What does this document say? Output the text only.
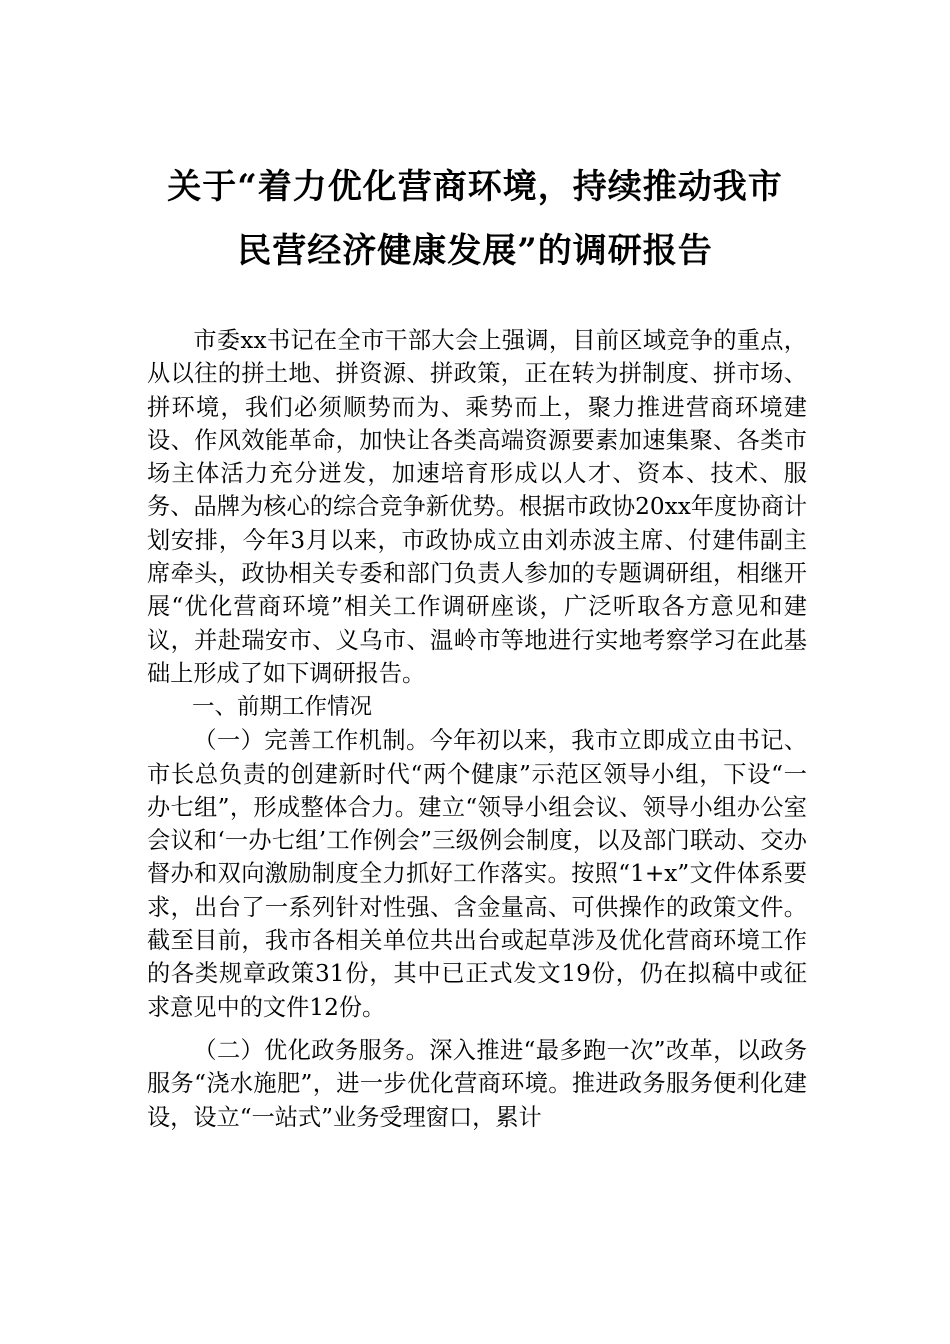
关于“着力优化营商环境，持续推动我市
民营经济健康发展”的调研报告

市委xx书记在全市干部大会上强调，目前区域竞争的重点，从以往的拼土地、拼资源、拼政策，正在转为拼制度、拼市场、拼环境，我们必须顺势而为、乘势而上，聚力推进营商环境建设、作风效能革命，加快让各类高端资源要素加速集聚、各类市场主体活力充分迸发，加速培育形成以人才、资本、技术、服务、品牌为核心的综合竞争新优势。根据市政协20xx年度协商计划安排，今年3月以来，市政协成立由刘赤波主席、付建伟副主席牵头，政协相关专委和部门负责人参加的专题调研组，相继开展“优化营商环境”相关工作调研座谈，广泛听取各方意见和建议，并赴瑞安市、义乌市、温岭市等地进行实地考察学习在此基础上形成了如下调研报告。

一、前期工作情况

（一）完善工作机制。今年初以来，我市立即成立由书记、市长总负责的创建新时代“两个健康”示范区领导小组，下设“一办七组”，形成整体合力。建立“领导小组会议、领导小组办公室会议和‘一办七组’工作例会”三级例会制度，以及部门联动、交办督办和双向激励制度全力抓好工作落实。按照“1+x”文件体系要求，出台了一系列针对性强、含金量高、可供操作的政策文件。截至目前，我市各相关单位共出台或起草涉及优化营商环境工作的各类规章政策31份，其中已正式发文19份，仍在拟稿中或征求意见中的文件12份。

（二）优化政务服务。深入推进“最多跑一次”改革，以政务服务“浇水施肥”，进一步优化营商环境。推进政务服务便利化建设，设立“一站式”业务受理窗口，累计
